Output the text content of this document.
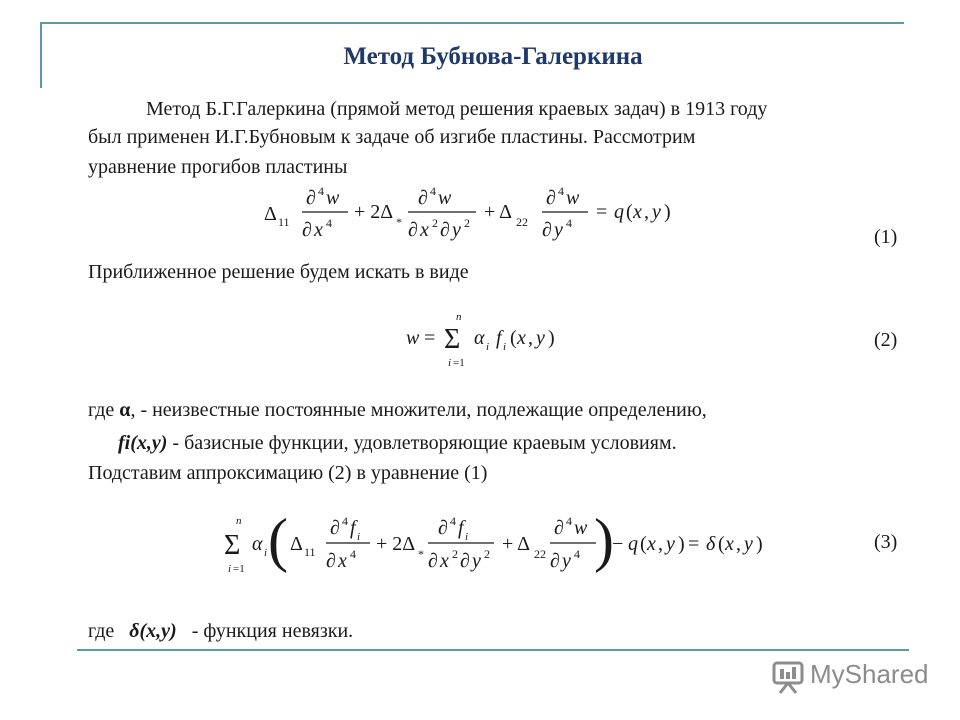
Метод Бубнова-Галеркина
Метод Б.Г.Галеркина (прямой метод решения краевых задач) в 1913 году
был применен И.Г.Бубновым к задаче об изгибе пластины. Рассмотрим
уравнение прогибов пластины
Δ 11
∂ 4 w
∂ x 4 + 2Δ *
∂ 4 w
∂ x 2 ∂ y 2 + Δ 22
∂ 4 w
∂ y 4 = q ( x , y )
(1)
Приближенное решение будем искать в виде
w =
n
Σ
i =1
α i f i ( x , y )	(2)
где α, - неизвестные постоянные множители, подлежащие определению,
fi(x,y) - базисные функции, удовлетворяющие краевым условиям.
Подставим аппроксимацию (2) в уравнение (1)
n
Σ
i =1
α i ( Δ 11
∂ 4 f i
∂ x 4 + 2Δ *
∂ 4 f i
∂ x 2 ∂ y 2 + Δ 22
∂ 4 w
∂ y 4 )
− q ( x , y ) = δ ( x , y )	(3)
где   δ(x,y)   - функция невязки.
MyShared
